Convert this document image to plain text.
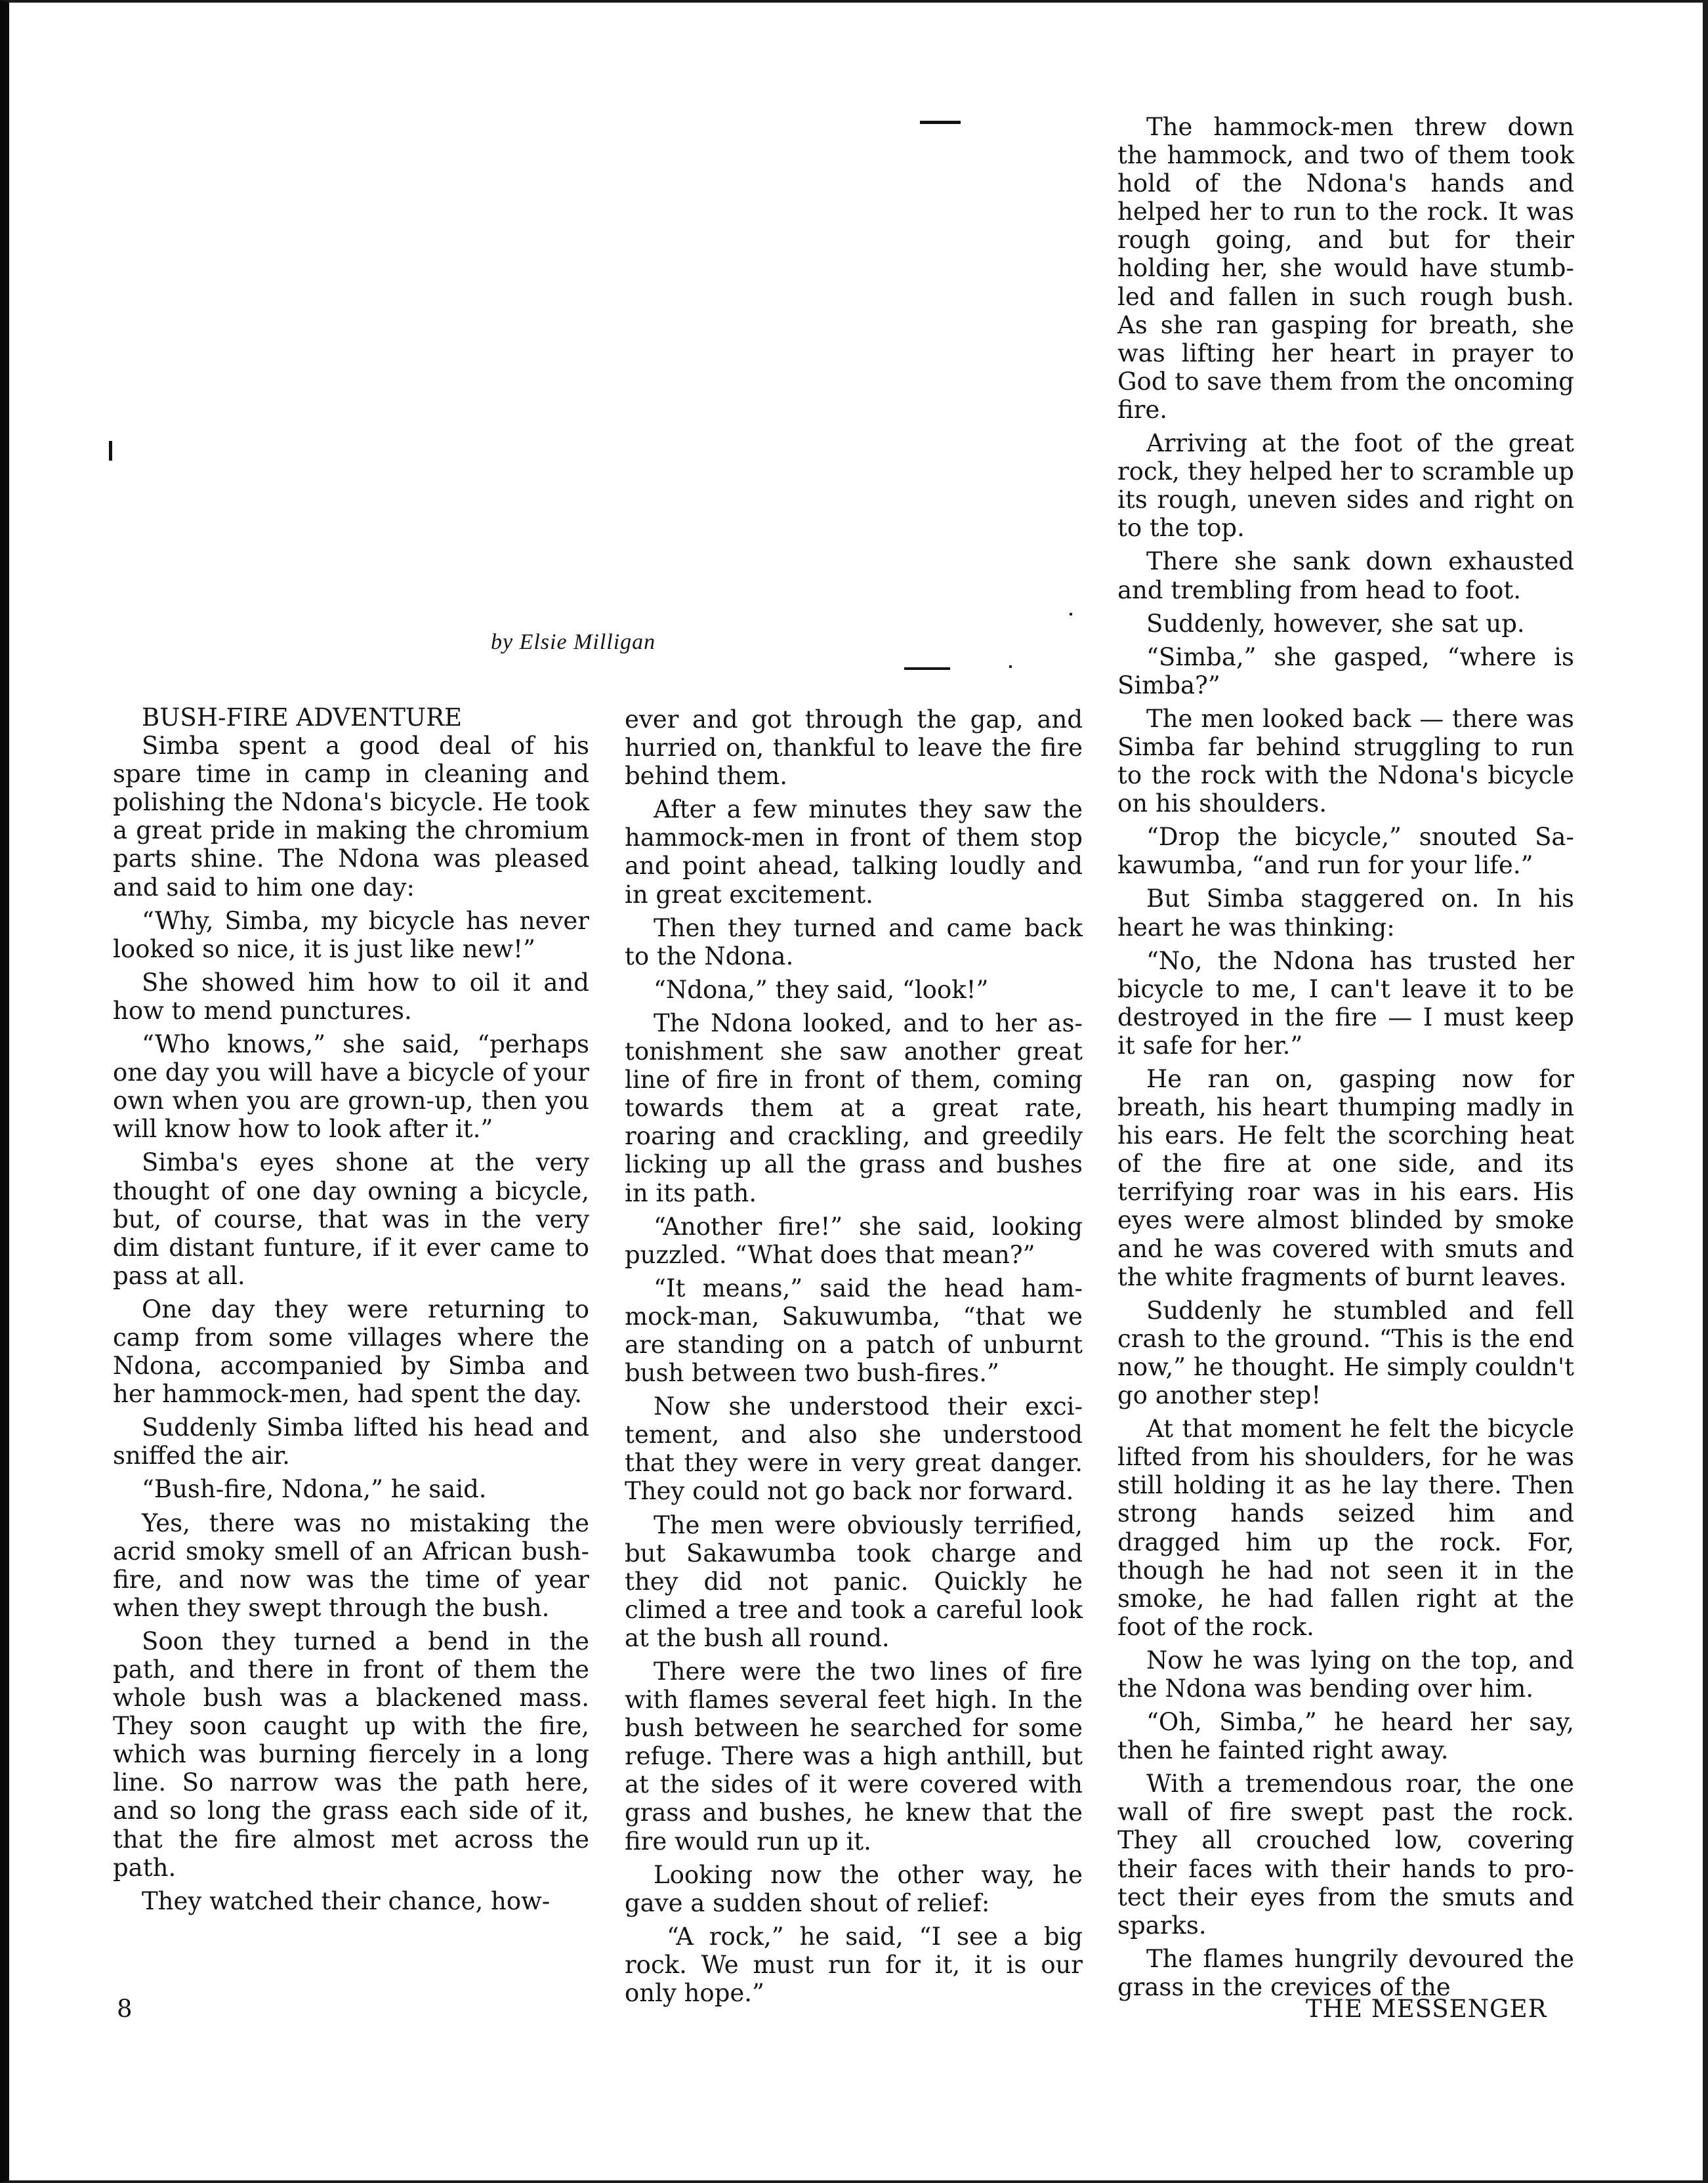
by Elsie Milligan

BUSH-FIRE ADVENTURE

Simba spent a good deal of his spare time in camp in cleaning and polishing the Ndona's bicycle. He took a great pride in making the chromium parts shine. The Ndona was pleased and said to him one day:

“Why, Simba, my bicycle has never looked so nice, it is just like new!”

She showed him how to oil it and how to mend punctures.

“Who knows,” she said, “perhaps one day you will have a bicycle of your own when you are grown-up, then you will know how to look after it.”

Simba's eyes shone at the very thought of one day owning a bicycle, but, of course, that was in the very dim distant funture, if it ever came to pass at all.

One day they were returning to camp from some villages where the Ndona, accompanied by Simba and her hammock-men, had spent the day.

Suddenly Simba lifted his head and sniffed the air.

“Bush-fire, Ndona,” he said.

Yes, there was no mistaking the acrid smoky smell of an African bush-fire, and now was the time of year when they swept through the bush.

Soon they turned a bend in the path, and there in front of them the whole bush was a blackened mass. They soon caught up with the fire, which was burning fiercely in a long line. So narrow was the path here, and so long the grass each side of it, that the fire almost met across the path.

They watched their chance, how-

ever and got through the gap, and hurried on, thankful to leave the fire behind them.

After a few minutes they saw the hammock-men in front of them stop and point ahead, talking loudly and in great excitement.

Then they turned and came back to the Ndona.

“Ndona,” they said, “look!”

The Ndona looked, and to her astonishment she saw another great line of fire in front of them, coming towards them at a great rate, roaring and crackling, and greedily licking up all the grass and bushes in its path.

“Another fire!” she said, looking puzzled. “What does that mean?”

“It means,” said the head hammock-man, Sakuwumba, “that we are standing on a patch of unburnt bush between two bush-fires.”

Now she understood their excitement, and also she understood that they were in very great danger. They could not go back nor forward.

The men were obviously terrified, but Sakawumba took charge and they did not panic. Quickly he climed a tree and took a careful look at the bush all round.

There were the two lines of fire with flames several feet high. In the bush between he searched for some refuge. There was a high anthill, but at the sides of it were covered with grass and bushes, he knew that the fire would run up it.

Looking now the other way, he gave a sudden shout of relief:

“A rock,” he said, “I see a big rock. We must run for it, it is our only hope.”

The hammock-men threw down the hammock, and two of them took hold of the Ndona's hands and helped her to run to the rock. It was rough going, and but for their holding her, she would have stumbled and fallen in such rough bush. As she ran gasping for breath, she was lifting her heart in prayer to God to save them from the oncoming fire.

Arriving at the foot of the great rock, they helped her to scramble up its rough, uneven sides and right on to the top.

There she sank down exhausted and trembling from head to foot.

Suddenly, however, she sat up.

“Simba,” she gasped, “where is Simba?”

The men looked back — there was Simba far behind struggling to run to the rock with the Ndona's bicycle on his shoulders.

“Drop the bicycle,” snouted Sakawumba, “and run for your life.”

But Simba staggered on. In his heart he was thinking:

“No, the Ndona has trusted her bicycle to me, I can't leave it to be destroyed in the fire — I must keep it safe for her.”

He ran on, gasping now for breath, his heart thumping madly in his ears. He felt the scorching heat of the fire at one side, and its terrifying roar was in his ears. His eyes were almost blinded by smoke and he was covered with smuts and the white fragments of burnt leaves.

Suddenly he stumbled and fell crash to the ground. “This is the end now,” he thought. He simply couldn't go another step!

At that moment he felt the bicycle lifted from his shoulders, for he was still holding it as he lay there. Then strong hands seized him and dragged him up the rock. For, though he had not seen it in the smoke, he had fallen right at the foot of the rock.

Now he was lying on the top, and the Ndona was bending over him.

“Oh, Simba,” he heard her say, then he fainted right away.

With a tremendous roar, the one wall of fire swept past the rock. They all crouched low, covering their faces with their hands to protect their eyes from the smuts and sparks.

The flames hungrily devoured the grass in the crevices of the

8	THE MESSENGER
